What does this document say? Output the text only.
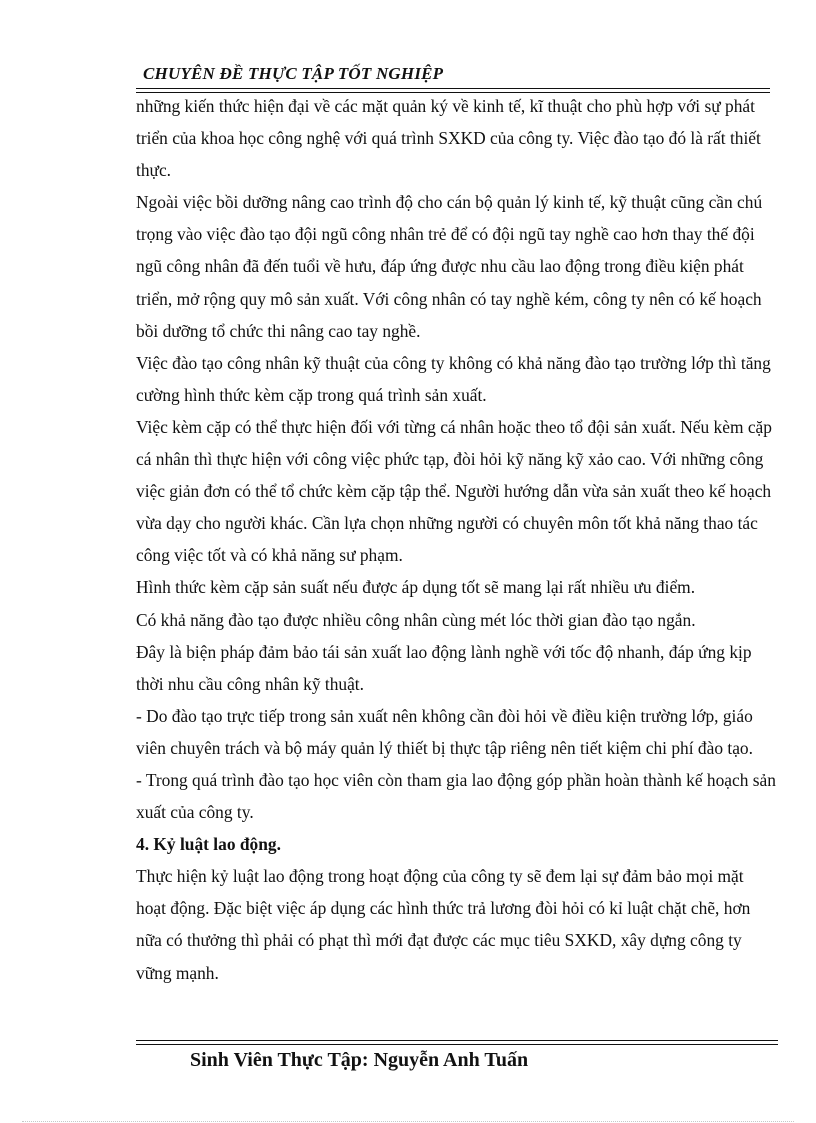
CHUYÊN ĐỀ THỰC TẬP TỐT NGHIỆP

những kiến thức hiện đại về các mặt quản ký về kinh tế, kĩ thuật cho phù hợp với sự phát triển của khoa học công nghệ với quá trình SXKD của công ty. Việc đào tạo đó là rất thiết thực.

Ngoài việc bồi dưỡng nâng cao trình độ cho cán bộ quản lý kinh tế, kỹ thuật cũng cần chú trọng vào việc đào tạo đội ngũ công nhân trẻ để có đội ngũ tay nghề cao hơn thay thế đội ngũ công nhân đã đến tuổi về hưu, đáp ứng được nhu cầu lao động trong điều kiện phát triển, mở rộng quy mô sản xuất. Với công nhân có tay nghề kém, công ty nên có kế hoạch bồi dưỡng tổ chức thi nâng cao tay nghề.

Việc đào tạo công nhân kỹ thuật của công ty không có khả năng đào tạo trường lớp thì tăng cường hình thức kèm cặp trong quá trình sản xuất.

Việc kèm cặp có thể thực hiện đối với từng cá nhân hoặc theo tổ đội sản xuất. Nếu kèm cặp cá nhân thì thực hiện với công việc phức tạp, đòi hỏi kỹ năng kỹ xảo cao. Với những công việc giản đơn có thể tổ chức kèm cặp tập thể. Người hướng dẫn vừa sản xuất theo kế hoạch vừa dạy cho người khác. Cần lựa chọn những người có chuyên môn tốt khả năng thao tác công việc tốt và có khả năng sư phạm.

Hình thức kèm cặp sản suất nếu được áp dụng tốt sẽ mang lại rất nhiều ưu điểm.

Có khả năng đào tạo được nhiều công nhân cùng mét lóc thời gian đào tạo ngắn.

Đây là biện pháp đảm bảo tái sản xuất lao động lành nghề với tốc độ nhanh, đáp ứng kịp thời nhu cầu công nhân kỹ thuật.

- Do đào tạo trực tiếp trong sản xuất nên không cần đòi hỏi về điều kiện trường lớp, giáo viên chuyên trách và bộ máy quản lý thiết bị thực tập riêng nên tiết kiệm chi phí đào tạo.

- Trong quá trình đào tạo học viên còn tham gia lao động góp phần hoàn thành kế hoạch sản xuất của công ty.

4. Kỷ luật lao động.

Thực hiện kỷ luật lao động trong hoạt động của công ty sẽ đem lại sự đảm bảo mọi mặt hoạt động. Đặc biệt việc áp dụng các hình thức trả lương đòi hỏi có kỉ luật chặt chẽ, hơn nữa có thưởng thì phải có phạt thì mới đạt được các mục tiêu SXKD, xây dựng công ty vững mạnh.

Sinh Viên Thực Tập: Nguyễn Anh Tuấn
